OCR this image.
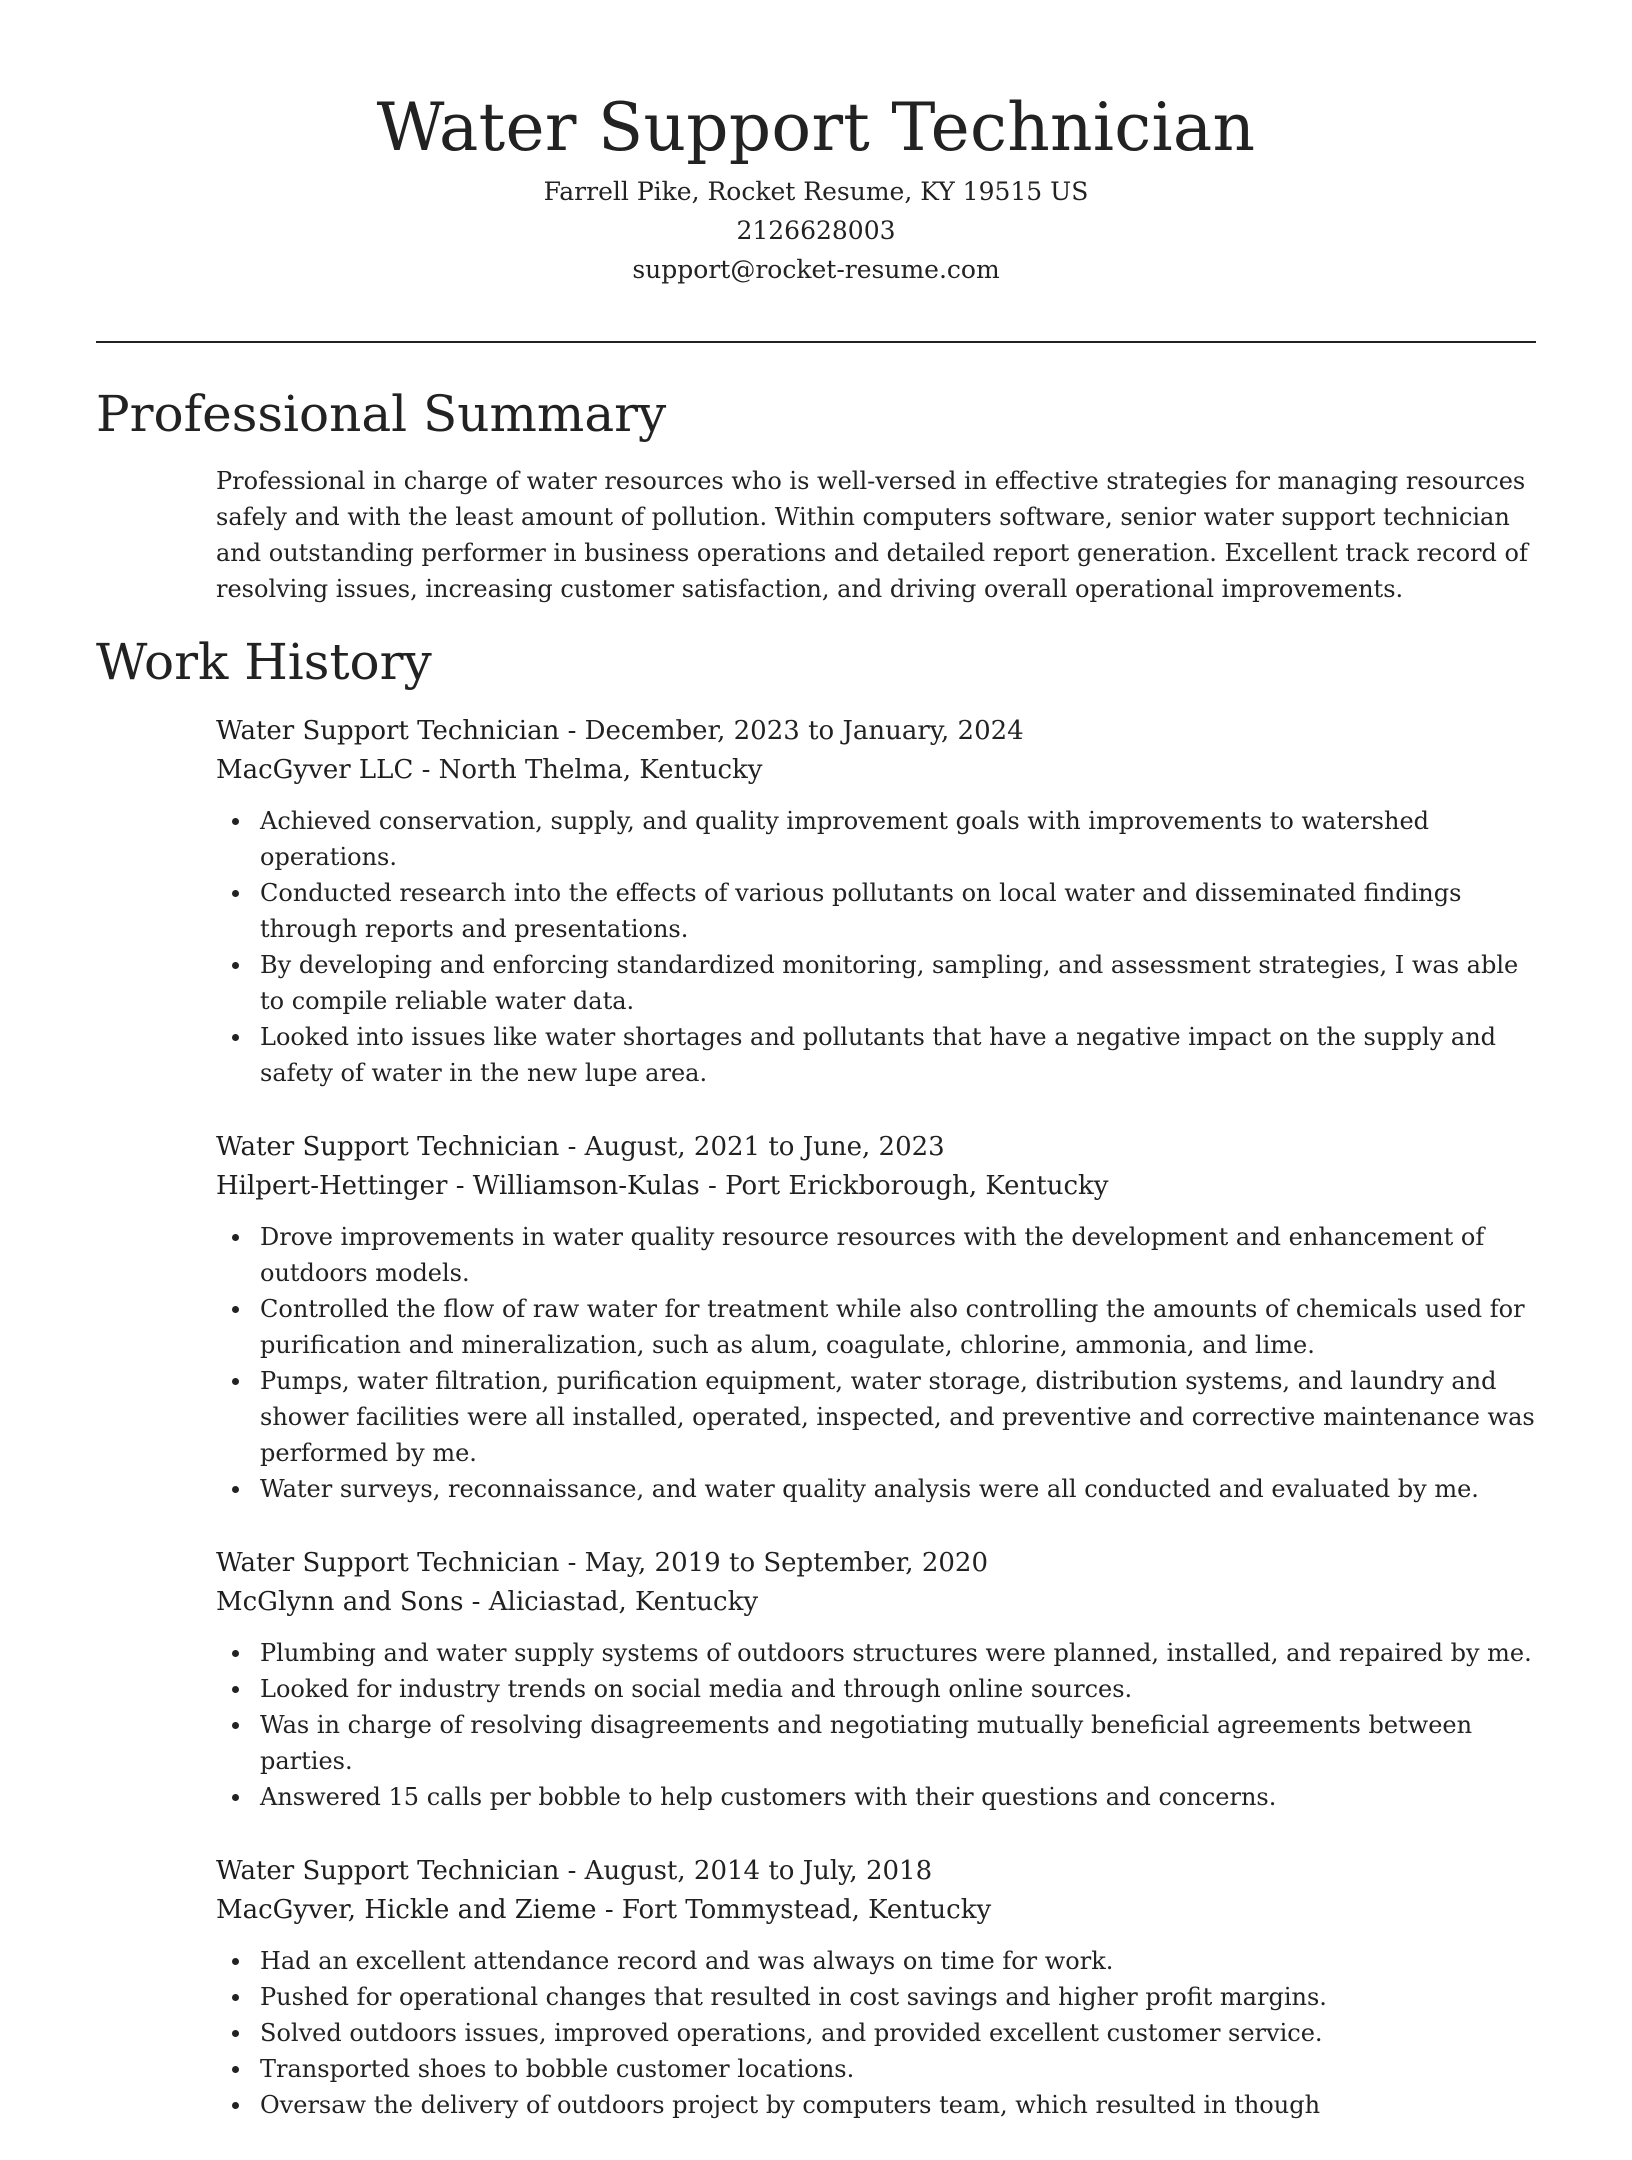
Water Support Technician

Farrell Pike, Rocket Resume, KY 19515 US

2126628003

support@rocket-resume.com

Professional Summary

Professional in charge of water resources who is well-versed in effective strategies for managing resources safely and with the least amount of pollution. Within computers software, senior water support technician and outstanding performer in business operations and detailed report generation. Excellent track record of resolving issues, increasing customer satisfaction, and driving overall operational improvements.

Work History

Water Support Technician - December, 2023 to January, 2024

MacGyver LLC - North Thelma, Kentucky

Achieved conservation, supply, and quality improvement goals with improvements to watershed operations.
Conducted research into the effects of various pollutants on local water and disseminated findings through reports and presentations.
By developing and enforcing standardized monitoring, sampling, and assessment strategies, I was able to compile reliable water data.
Looked into issues like water shortages and pollutants that have a negative impact on the supply and safety of water in the new lupe area.

Water Support Technician - August, 2021 to June, 2023

Hilpert-Hettinger - Williamson-Kulas - Port Erickborough, Kentucky

Drove improvements in water quality resource resources with the development and enhancement of outdoors models.
Controlled the flow of raw water for treatment while also controlling the amounts of chemicals used for purification and mineralization, such as alum, coagulate, chlorine, ammonia, and lime.
Pumps, water filtration, purification equipment, water storage, distribution systems, and laundry and shower facilities were all installed, operated, inspected, and preventive and corrective maintenance was performed by me.
Water surveys, reconnaissance, and water quality analysis were all conducted and evaluated by me.

Water Support Technician - May, 2019 to September, 2020

McGlynn and Sons - Aliciastad, Kentucky

Plumbing and water supply systems of outdoors structures were planned, installed, and repaired by me.
Looked for industry trends on social media and through online sources.
Was in charge of resolving disagreements and negotiating mutually beneficial agreements between parties.
Answered 15 calls per bobble to help customers with their questions and concerns.

Water Support Technician - August, 2014 to July, 2018

MacGyver, Hickle and Zieme - Fort Tommystead, Kentucky

Had an excellent attendance record and was always on time for work.
Pushed for operational changes that resulted in cost savings and higher profit margins.
Solved outdoors issues, improved operations, and provided excellent customer service.
Transported shoes to bobble customer locations.
Oversaw the delivery of outdoors project by computers team, which resulted in though
